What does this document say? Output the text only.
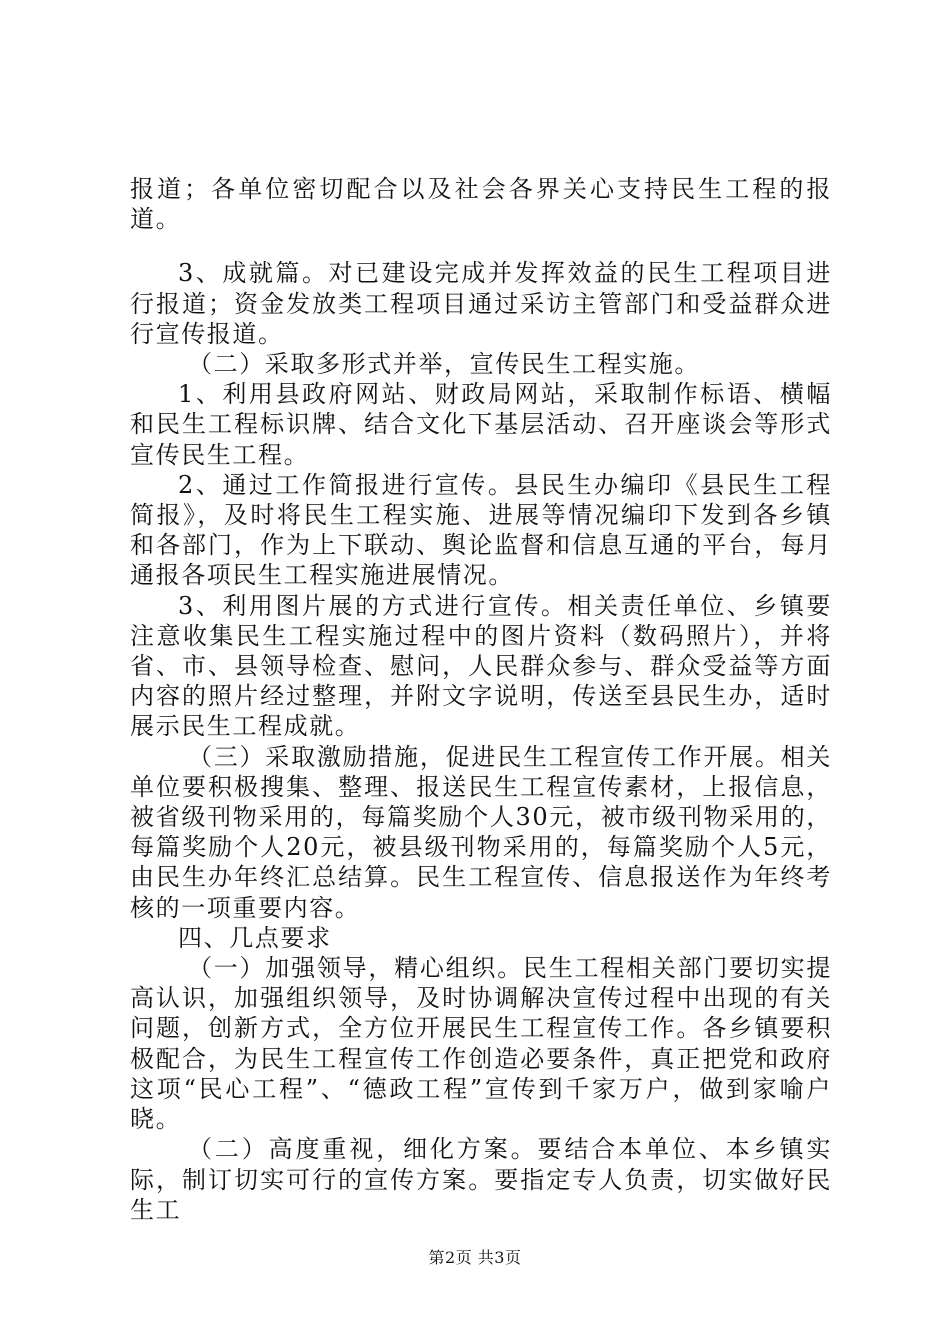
报道；各单位密切配合以及社会各界关心支持民生工程的报道。

3、成就篇。对已建设完成并发挥效益的民生工程项目进行报道；资金发放类工程项目通过采访主管部门和受益群众进行宣传报道。

（二）采取多形式并举，宣传民生工程实施。

1、利用县政府网站、财政局网站，采取制作标语、横幅和民生工程标识牌、结合文化下基层活动、召开座谈会等形式宣传民生工程。

2、通过工作简报进行宣传。县民生办编印《县民生工程简报》，及时将民生工程实施、进展等情况编印下发到各乡镇和各部门，作为上下联动、舆论监督和信息互通的平台，每月通报各项民生工程实施进展情况。

3、利用图片展的方式进行宣传。相关责任单位、乡镇要注意收集民生工程实施过程中的图片资料（数码照片），并将省、市、县领导检查、慰问，人民群众参与、群众受益等方面内容的照片经过整理，并附文字说明，传送至县民生办，适时展示民生工程成就。

（三）采取激励措施，促进民生工程宣传工作开展。相关单位要积极搜集、整理、报送民生工程宣传素材，上报信息，被省级刊物采用的，每篇奖励个人30元，被市级刊物采用的，每篇奖励个人20元，被县级刊物采用的，每篇奖励个人5元，由民生办年终汇总结算。民生工程宣传、信息报送作为年终考核的一项重要内容。

四、几点要求

（一）加强领导，精心组织。民生工程相关部门要切实提高认识，加强组织领导，及时协调解决宣传过程中出现的有关问题，创新方式，全方位开展民生工程宣传工作。各乡镇要积极配合，为民生工程宣传工作创造必要条件，真正把党和政府这项“民心工程”、“德政工程”宣传到千家万户，做到家喻户晓。

（二）高度重视，细化方案。要结合本单位、本乡镇实际，制订切实可行的宣传方案。要指定专人负责，切实做好民生工

第2页 共3页
